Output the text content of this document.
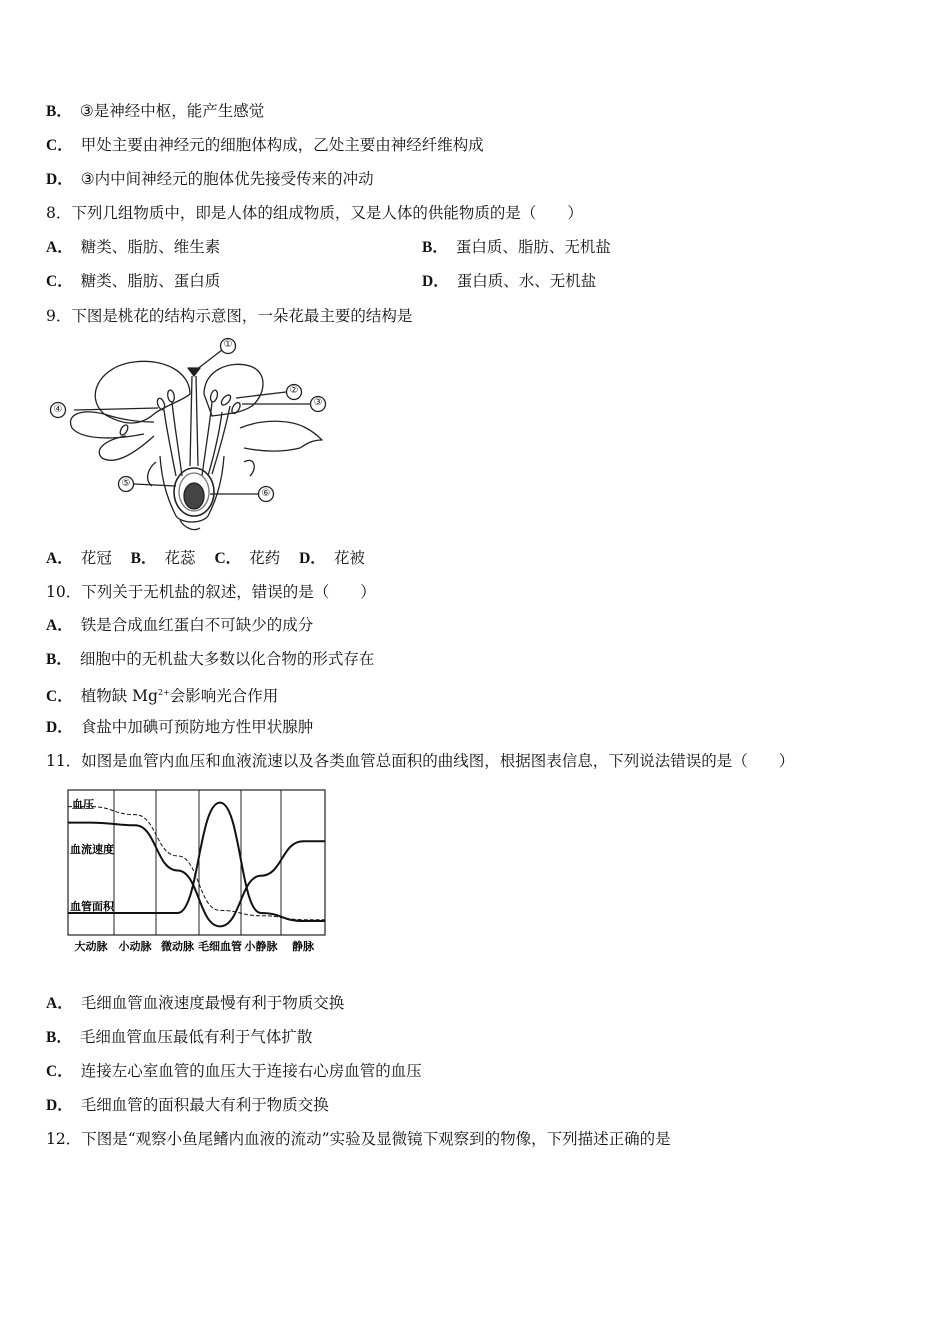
B． ③是神经中枢，能产生感觉
C． 甲处主要由神经元的细胞体构成，乙处主要由神经纤维构成
D． ③内中间神经元的胞体优先接受传来的冲动
8．下列几组物质中，即是人体的组成物质，又是人体的供能物质的是（　　）
A． 糖类、脂肪、维生素	B． 蛋白质、脂肪、无机盐
C． 糖类、脂肪、蛋白质	D． 蛋白质、水、无机盐
9．下图是桃花的结构示意图，一朵花最主要的结构是
①
②
③
④
⑤
⑥
A． 花冠 B． 花蕊 C． 花药 D． 花被
10．下列关于无机盐的叙述，错误的是（　　）
A． 铁是合成血红蛋白不可缺少的成分
B． 细胞中的无机盐大多数以化合物的形式存在
C． 植物缺 $Mg^{2+}$会影响光合作用
D． 食盐中加碘可预防地方性甲状腺肿
11．如图是血管内血压和血液流速以及各类血管总面积的曲线图，根据图表信息，下列说法错误的是（　　）
血压
血流速度
血管面积
大动脉 小动脉 微动脉 毛细血管 小静脉 静脉
A． 毛细血管血液速度最慢有利于物质交换
B． 毛细血管血压最低有利于气体扩散
C． 连接左心室血管的血压大于连接右心房血管的血压
D． 毛细血管的面积最大有利于物质交换
12．下图是“观察小鱼尾鳍内血液的流动”实验及显微镜下观察到的物像，下列描述正确的是
